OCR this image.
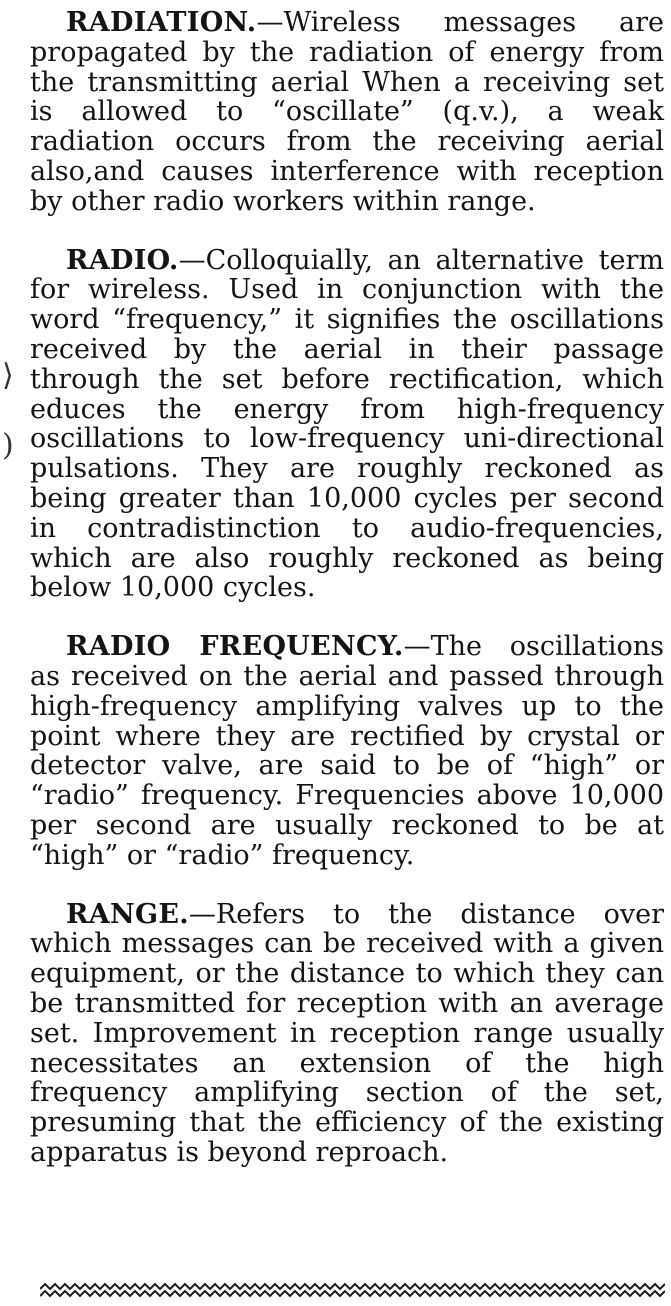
RADIATION.—Wireless messages are propagated by the radiation of energy from the transmitting aerial When a receiving set is allowed to “oscillate” (q.v.), a weak radiation occurs from the receiving aerial also,and causes interference with reception by other radio workers within range.

RADIO.—Colloquially, an alternative term for wireless. Used in conjunction with the word “frequency,” it signifies the oscillations received by the aerial in their passage through the set before rectification, which educes the energy from high-frequency oscillations to low-frequency uni-directional pulsations. They are roughly reckoned as being greater than 10,000 cycles per second in contradistinction to audio-frequencies, which are also roughly reckoned as being below 10,000 cycles.

RADIO FREQUENCY.—The oscillations as received on the aerial and passed through high-frequency amplifying valves up to the point where they are rectified by crystal or detector valve, are said to be of “high” or “radio” frequency. Frequencies above 10,000 per second are usually reckoned to be at “high” or “radio” frequency.

RANGE.—Refers to the distance over which messages can be received with a given equipment, or the distance to which they can be transmitted for reception with an average set. Improvement in reception range usually necessitates an extension of the high frequency amplifying section of the set, presuming that the efficiency of the existing apparatus is beyond reproach.

⟩
)
